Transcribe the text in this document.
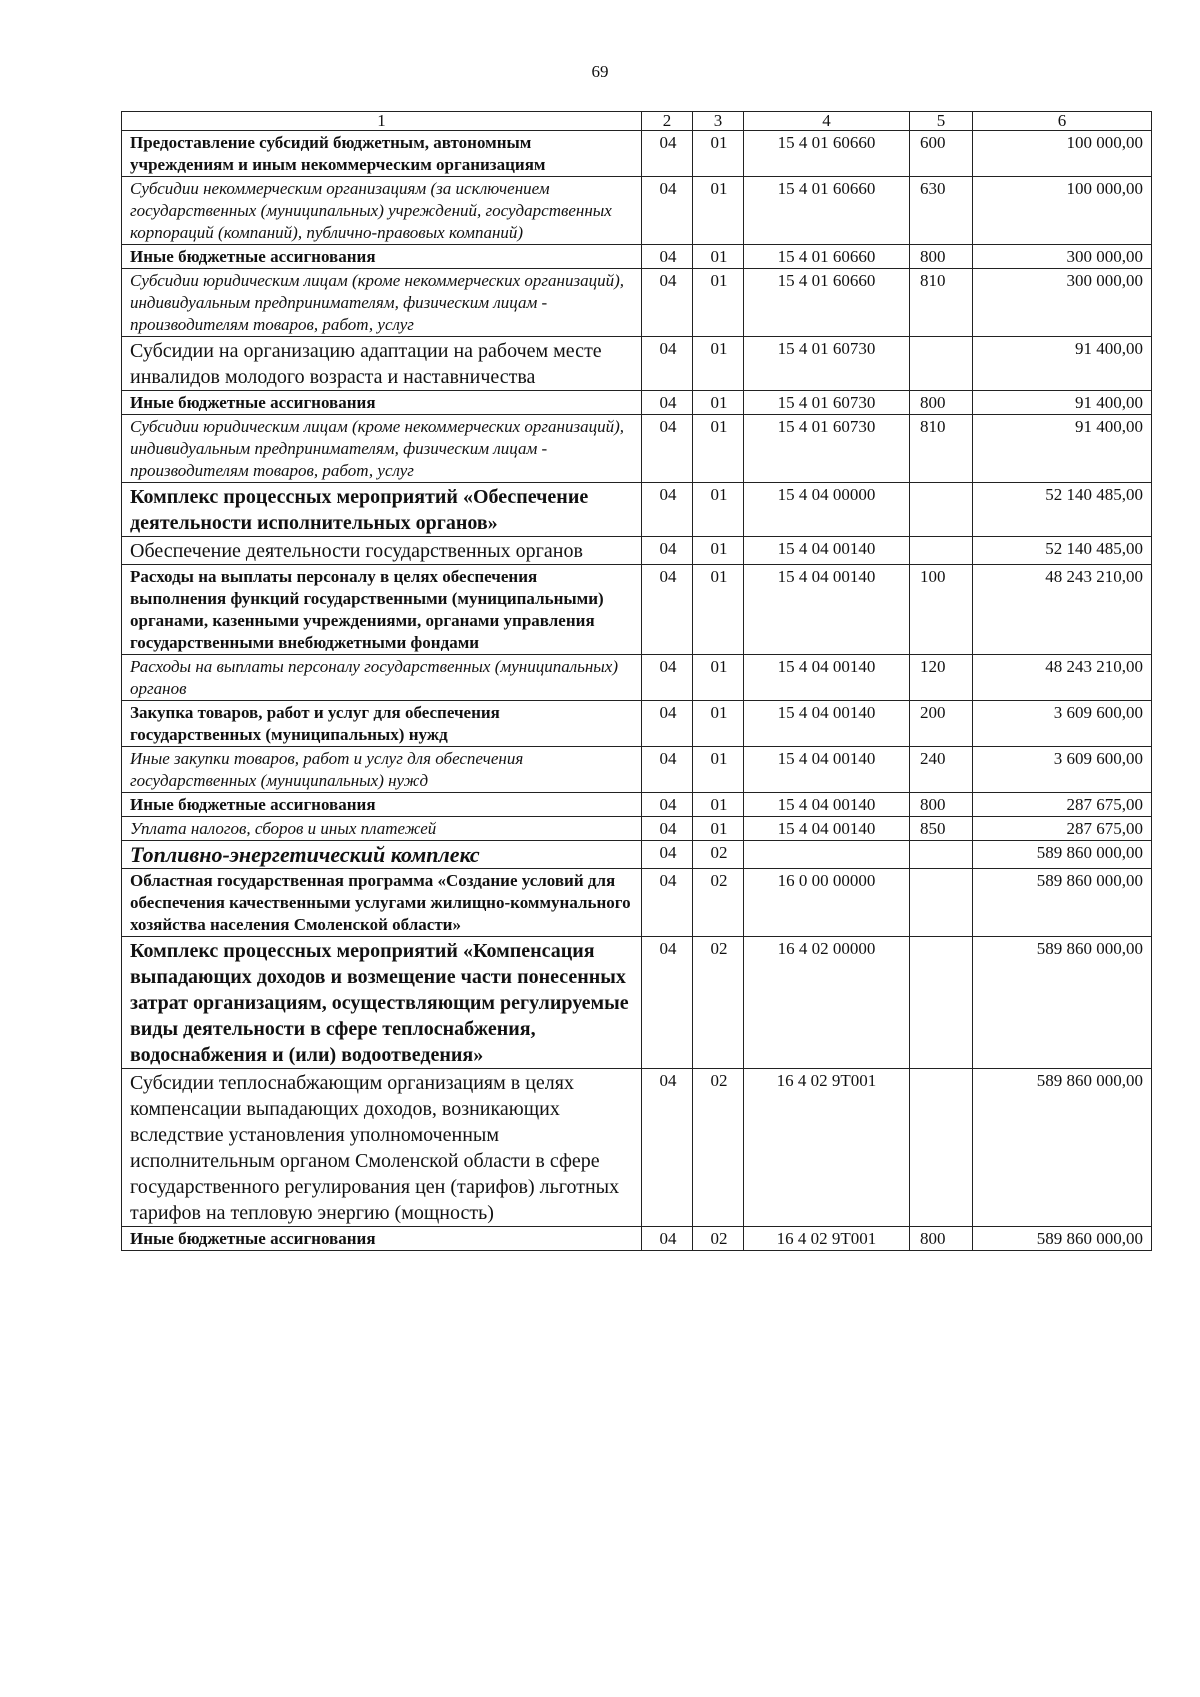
69
1	2	3	4	5	6
Предоставление субсидий бюджетным, автономным учреждениям и иным некоммерческим организациям	04	01	15 4 01 60660	600	100 000,00
Субсидии некоммерческим организациям (за исключением государственных (муниципальных) учреждений, государственных корпораций (компаний), публично-правовых компаний)	04	01	15 4 01 60660	630	100 000,00
Иные бюджетные ассигнования	04	01	15 4 01 60660	800	300 000,00
Субсидии юридическим лицам (кроме некоммерческих организаций), индивидуальным предпринимателям, физическим лицам - производителям товаров, работ, услуг	04	01	15 4 01 60660	810	300 000,00
Субсидии на организацию адаптации на рабочем месте инвалидов молодого возраста и наставничества	04	01	15 4 01 60730		91 400,00
Иные бюджетные ассигнования	04	01	15 4 01 60730	800	91 400,00
Субсидии юридическим лицам (кроме некоммерческих организаций), индивидуальным предпринимателям, физическим лицам - производителям товаров, работ, услуг	04	01	15 4 01 60730	810	91 400,00
Комплекс процессных мероприятий «Обеспечение деятельности исполнительных органов»	04	01	15 4 04 00000		52 140 485,00
Обеспечение деятельности государственных органов	04	01	15 4 04 00140		52 140 485,00
Расходы на выплаты персоналу в целях обеспечения выполнения функций государственными (муниципальными) органами, казенными учреждениями, органами управления государственными внебюджетными фондами	04	01	15 4 04 00140	100	48 243 210,00
Расходы на выплаты персоналу государственных (муниципальных) органов	04	01	15 4 04 00140	120	48 243 210,00
Закупка товаров, работ и услуг для обеспечения государственных (муниципальных) нужд	04	01	15 4 04 00140	200	3 609 600,00
Иные закупки товаров, работ и услуг для обеспечения государственных (муниципальных) нужд	04	01	15 4 04 00140	240	3 609 600,00
Иные бюджетные ассигнования	04	01	15 4 04 00140	800	287 675,00
Уплата налогов, сборов и иных платежей	04	01	15 4 04 00140	850	287 675,00
Топливно-энергетический комплекс	04	02			589 860 000,00
Областная государственная программа «Создание условий для обеспечения качественными услугами жилищно-коммунального хозяйства населения Смоленской области»	04	02	16 0 00 00000		589 860 000,00
Комплекс процессных мероприятий «Компенсация выпадающих доходов и возмещение части понесенных затрат организациям, осуществляющим регулируемые виды деятельности в сфере теплоснабжения, водоснабжения и (или) водоотведения»	04	02	16 4 02 00000		589 860 000,00
Субсидии теплоснабжающим организациям в целях компенсации выпадающих доходов, возникающих вследствие установления уполномоченным исполнительным органом Смоленской области в сфере государственного регулирования цен (тарифов) льготных тарифов на тепловую энергию (мощность)	04	02	16 4 02 9Т001		589 860 000,00
Иные бюджетные ассигнования	04	02	16 4 02 9Т001	800	589 860 000,00
